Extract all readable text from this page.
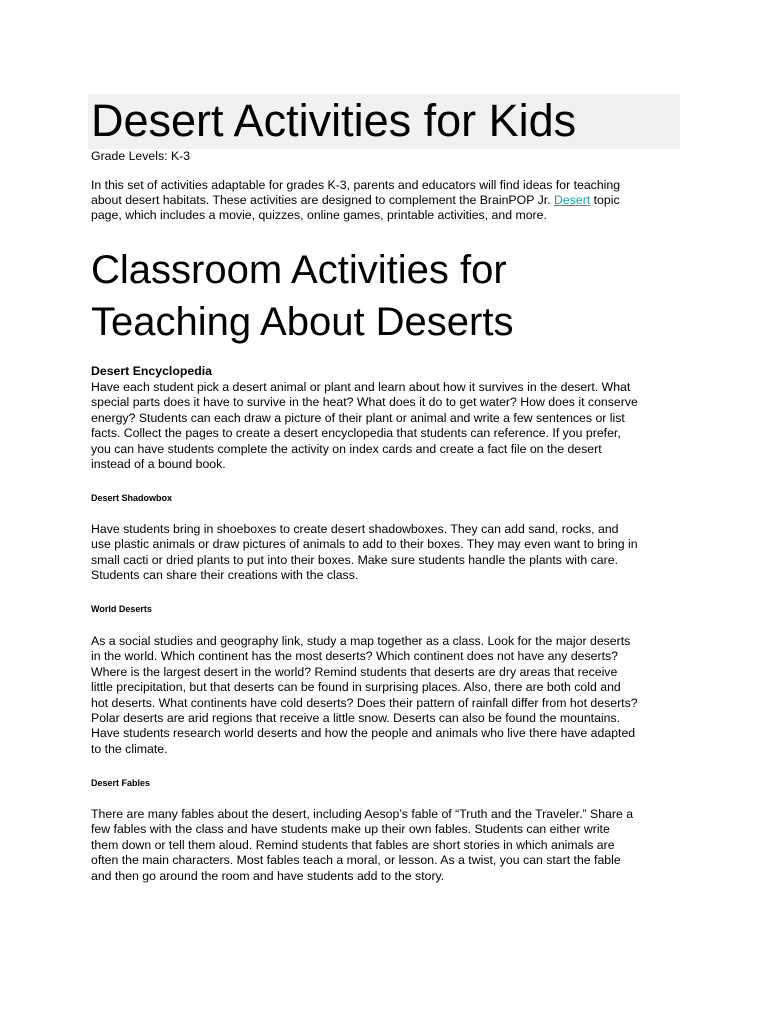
Desert Activities for Kids

Grade Levels: K-3

In this set of activities adaptable for grades K-3, parents and educators will find ideas for teaching
about desert habitats. These activities are designed to complement the BrainPOP Jr. Desert topic
page, which includes a movie, quizzes, online games, printable activities, and more.

Classroom Activities for
Teaching About Deserts
Desert Encyclopedia

Have each student pick a desert animal or plant and learn about how it survives in the desert. What
special parts does it have to survive in the heat? What does it do to get water? How does it conserve
energy? Students can each draw a picture of their plant or animal and write a few sentences or list
facts. Collect the pages to create a desert encyclopedia that students can reference. If you prefer,
you can have students complete the activity on index cards and create a fact file on the desert
instead of a bound book.

Desert Shadowbox

Have students bring in shoeboxes to create desert shadowboxes. They can add sand, rocks, and
use plastic animals or draw pictures of animals to add to their boxes. They may even want to bring in
small cacti or dried plants to put into their boxes. Make sure students handle the plants with care.
Students can share their creations with the class.

World Deserts

As a social studies and geography link, study a map together as a class. Look for the major deserts
in the world. Which continent has the most deserts? Which continent does not have any deserts?
Where is the largest desert in the world? Remind students that deserts are dry areas that receive
little precipitation, but that deserts can be found in surprising places. Also, there are both cold and
hot deserts. What continents have cold deserts? Does their pattern of rainfall differ from hot deserts?
Polar deserts are arid regions that receive a little snow. Deserts can also be found the mountains.
Have students research world deserts and how the people and animals who live there have adapted
to the climate.

Desert Fables

There are many fables about the desert, including Aesop’s fable of “Truth and the Traveler.” Share a
few fables with the class and have students make up their own fables. Students can either write
them down or tell them aloud. Remind students that fables are short stories in which animals are
often the main characters. Most fables teach a moral, or lesson. As a twist, you can start the fable
and then go around the room and have students add to the story.
